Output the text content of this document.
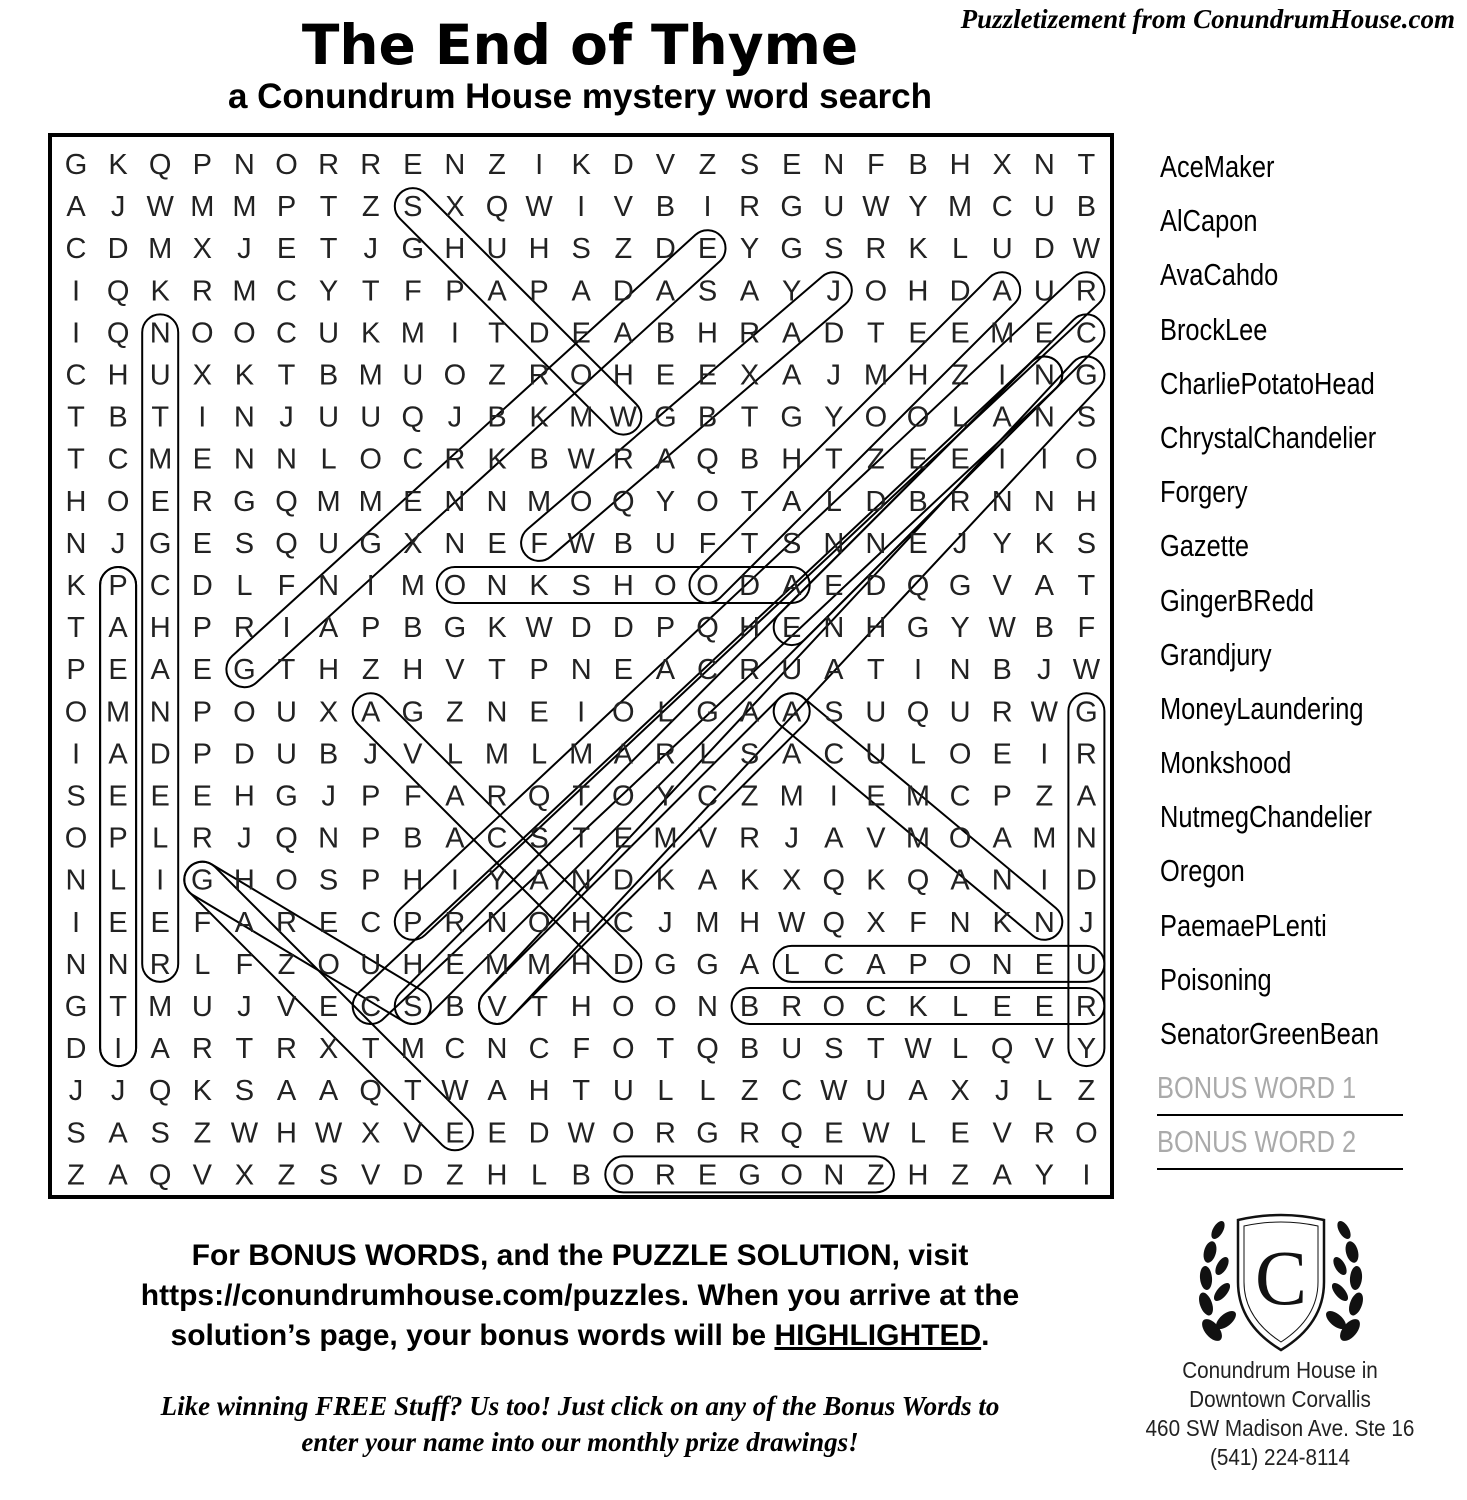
The End of Thyme
a Conundrum House mystery word search
Puzzletizement from ConundrumHouse.com
G K Q P N O R R E N Z I K D V Z S E N F B H X N T
A J W M M P T Z S X Q W I V B I R G U W Y M C U B
C D M X J E T J G H U H S Z D E Y G S R K L U D W
I Q K R M C Y T F P A P A D A S A Y J O H D A U R
I Q N O O C U K M I T D E A B H R A D T E E M E C
C H U X K T B M U O Z R O H E E X A J M H Z I N G
T B T I N J U U Q J B K M W G B T G Y O O L A N S
T C M E N N L O C R K B W R A Q B H T Z E E I I O
H O E R G Q M M E N N M O Q Y O T A L D B R N N H
N J G E S Q U G X N E F W B U F T S N N E J Y K S
K P C D L F N I M O N K S H O O D A E D Q G V A T
T A H P R I A P B G K W D D P Q H E N H G Y W B F
P E A E G T H Z H V T P N E A C R U A T I N B J W
O M N P O U X A G Z N E I O L G A A S U Q U R W G
I A D P D U B J V L M L M A R L S A C U L O E I R
S E E E H G J P F A R Q T O Y C Z M I E M C P Z A
O P L R J Q N P B A C S T E M V R J A V M O A M N
N L I G H O S P H I Y A N D K A K X Q K Q A N I D
I E E F A R E C P R N O H C J M H W Q X F N K N J
N N R L F Z O U H E M M H D G G A L C A P O N E U
G T M U J V E C S B V T H O O N B R O C K L E E R
D I A R T R X T M C N C F O T Q B U S T W L Q V Y
J J Q K S A A Q T W A H T U L L Z C W U A X J L Z
S A S Z W H W X V E E D W O R G R Q E W L E V R O
Z A Q V X Z S V D Z H L B O R E G O N Z H Z A Y I
AceMaker
AlCapon
AvaCahdo
BrockLee
CharliePotatoHead
ChrystalChandelier
Forgery
Gazette
GingerBRedd
Grandjury
MoneyLaundering
Monkshood
NutmegChandelier
Oregon
PaemaePLenti
Poisoning
SenatorGreenBean
BONUS WORD 1
BONUS WORD 2
For BONUS WORDS, and the PUZZLE SOLUTION, visit https://conundrumhouse.com/puzzles. When you arrive at the solution’s page, your bonus words will be HIGHLIGHTED.
Like winning FREE Stuff? Us too! Just click on any of the Bonus Words to
enter your name into our monthly prize drawings!
C
Conundrum House in
Downtown Corvallis
460 SW Madison Ave. Ste 16
(541) 224-8114
